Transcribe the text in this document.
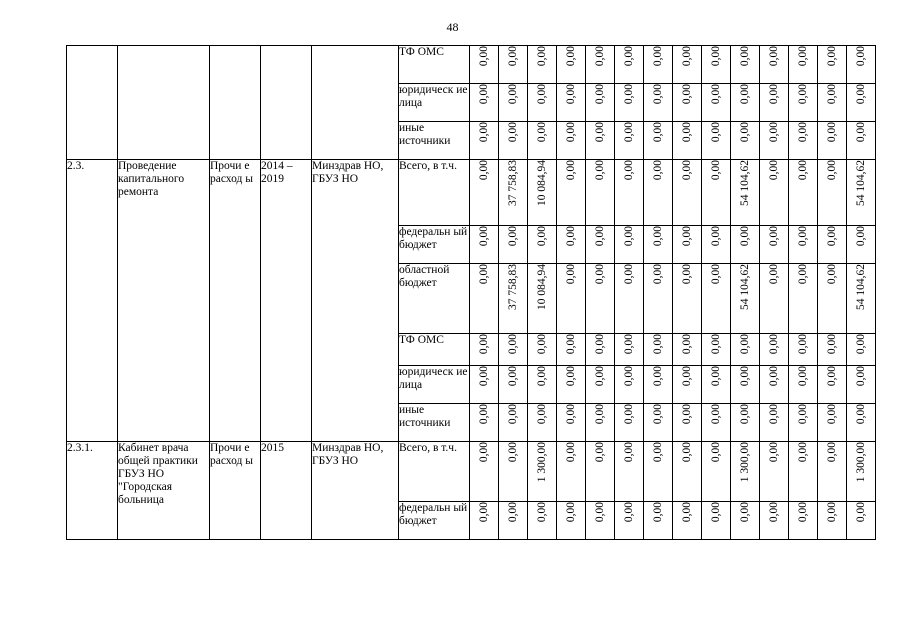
48
					ТФ ОМС	0,00	0,00	0,00	0,00	0,00	0,00	0,00	0,00	0,00	0,00	0,00	0,00	0,00	0,00
					юридическ ие лица	0,00	0,00	0,00	0,00	0,00	0,00	0,00	0,00	0,00	0,00	0,00	0,00	0,00	0,00
					иные источники	0,00	0,00	0,00	0,00	0,00	0,00	0,00	0,00	0,00	0,00	0,00	0,00	0,00	0,00
2.3.	Проведение капитального ремонта	Прочи е расход ы	2014 – 2019	Минздрав НО, ГБУЗ НО	Всего, в т.ч.	0,00	37 758,83	10 084,94	0,00	0,00	0,00	0,00	0,00	0,00	54 104,62	0,00	0,00	0,00	54 104,62
					федеральн ый бюджет	0,00	0,00	0,00	0,00	0,00	0,00	0,00	0,00	0,00	0,00	0,00	0,00	0,00	0,00
					областной бюджет	0,00	37 758,83	10 084,94	0,00	0,00	0,00	0,00	0,00	0,00	54 104,62	0,00	0,00	0,00	54 104,62
					ТФ ОМС	0,00	0,00	0,00	0,00	0,00	0,00	0,00	0,00	0,00	0,00	0,00	0,00	0,00	0,00
					юридическ ие лица	0,00	0,00	0,00	0,00	0,00	0,00	0,00	0,00	0,00	0,00	0,00	0,00	0,00	0,00
					иные источники	0,00	0,00	0,00	0,00	0,00	0,00	0,00	0,00	0,00	0,00	0,00	0,00	0,00	0,00
2.3.1.	Кабинет врача общей практики ГБУЗ НО "Городская больница	Прочи е расход ы	2015	Минздрав НО, ГБУЗ НО	Всего, в т.ч.	0,00	0,00	1 300,00	0,00	0,00	0,00	0,00	0,00	0,00	1 300,00	0,00	0,00	0,00	1 300,00
					федеральн ый бюджет	0,00	0,00	0,00	0,00	0,00	0,00	0,00	0,00	0,00	0,00	0,00	0,00	0,00	0,00
